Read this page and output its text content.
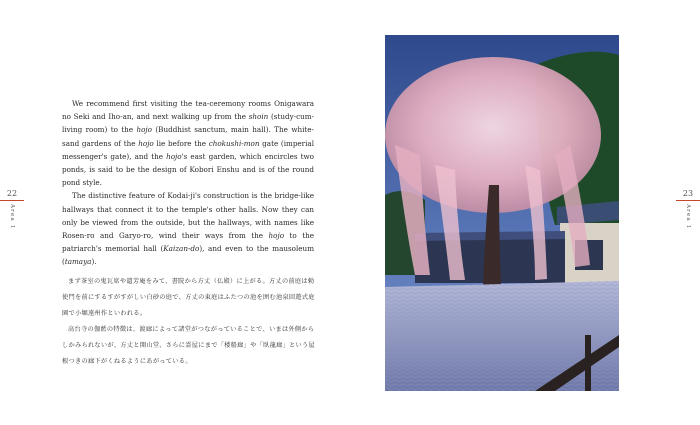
22
Area 1
23
Area 1

We recommend first visiting the tea-ceremony rooms Onigawara no Seki and Iho-an, and next walking up from the shoin (study-cum-living room) to the hojo (Buddhist sanctum, main hall). The white-sand gardens of the hojo lie before the chokushi-mon gate (imperial messenger's gate), and the hojo's east garden, which encircles two ponds, is said to be the design of Kobori Enshu and is of the round pond style.

The distinctive feature of Kodai-ji's construction is the bridge-like hallways that connect it to the temple's other halls. Now they can only be viewed from the outside, but the hallways, with names like Rosen-ro and Garyo-ro, wind their ways from the hojo to the patriarch's memorial hall (Kaizan-do), and even to the mausoleum (tamaya).

まず茶室の鬼瓦席や遺芳庵をみて、書院から方丈（仏殿）に上がる。方丈の前庭は勅使門を前にするすがすがしい白砂の庭で、方丈の東庭はふたつの池を囲む池泉回遊式庭園で小堀遠州作といわれる。

高台寺の伽藍の特徴は、渡廊によって諸堂がつながっていることで、いまは外側からしかみられないが、方丈と開山堂、さらに霊屋にまで「楼船廊」や「臥龍廊」という屋根つきの廊下がくねるようにあがっている。
